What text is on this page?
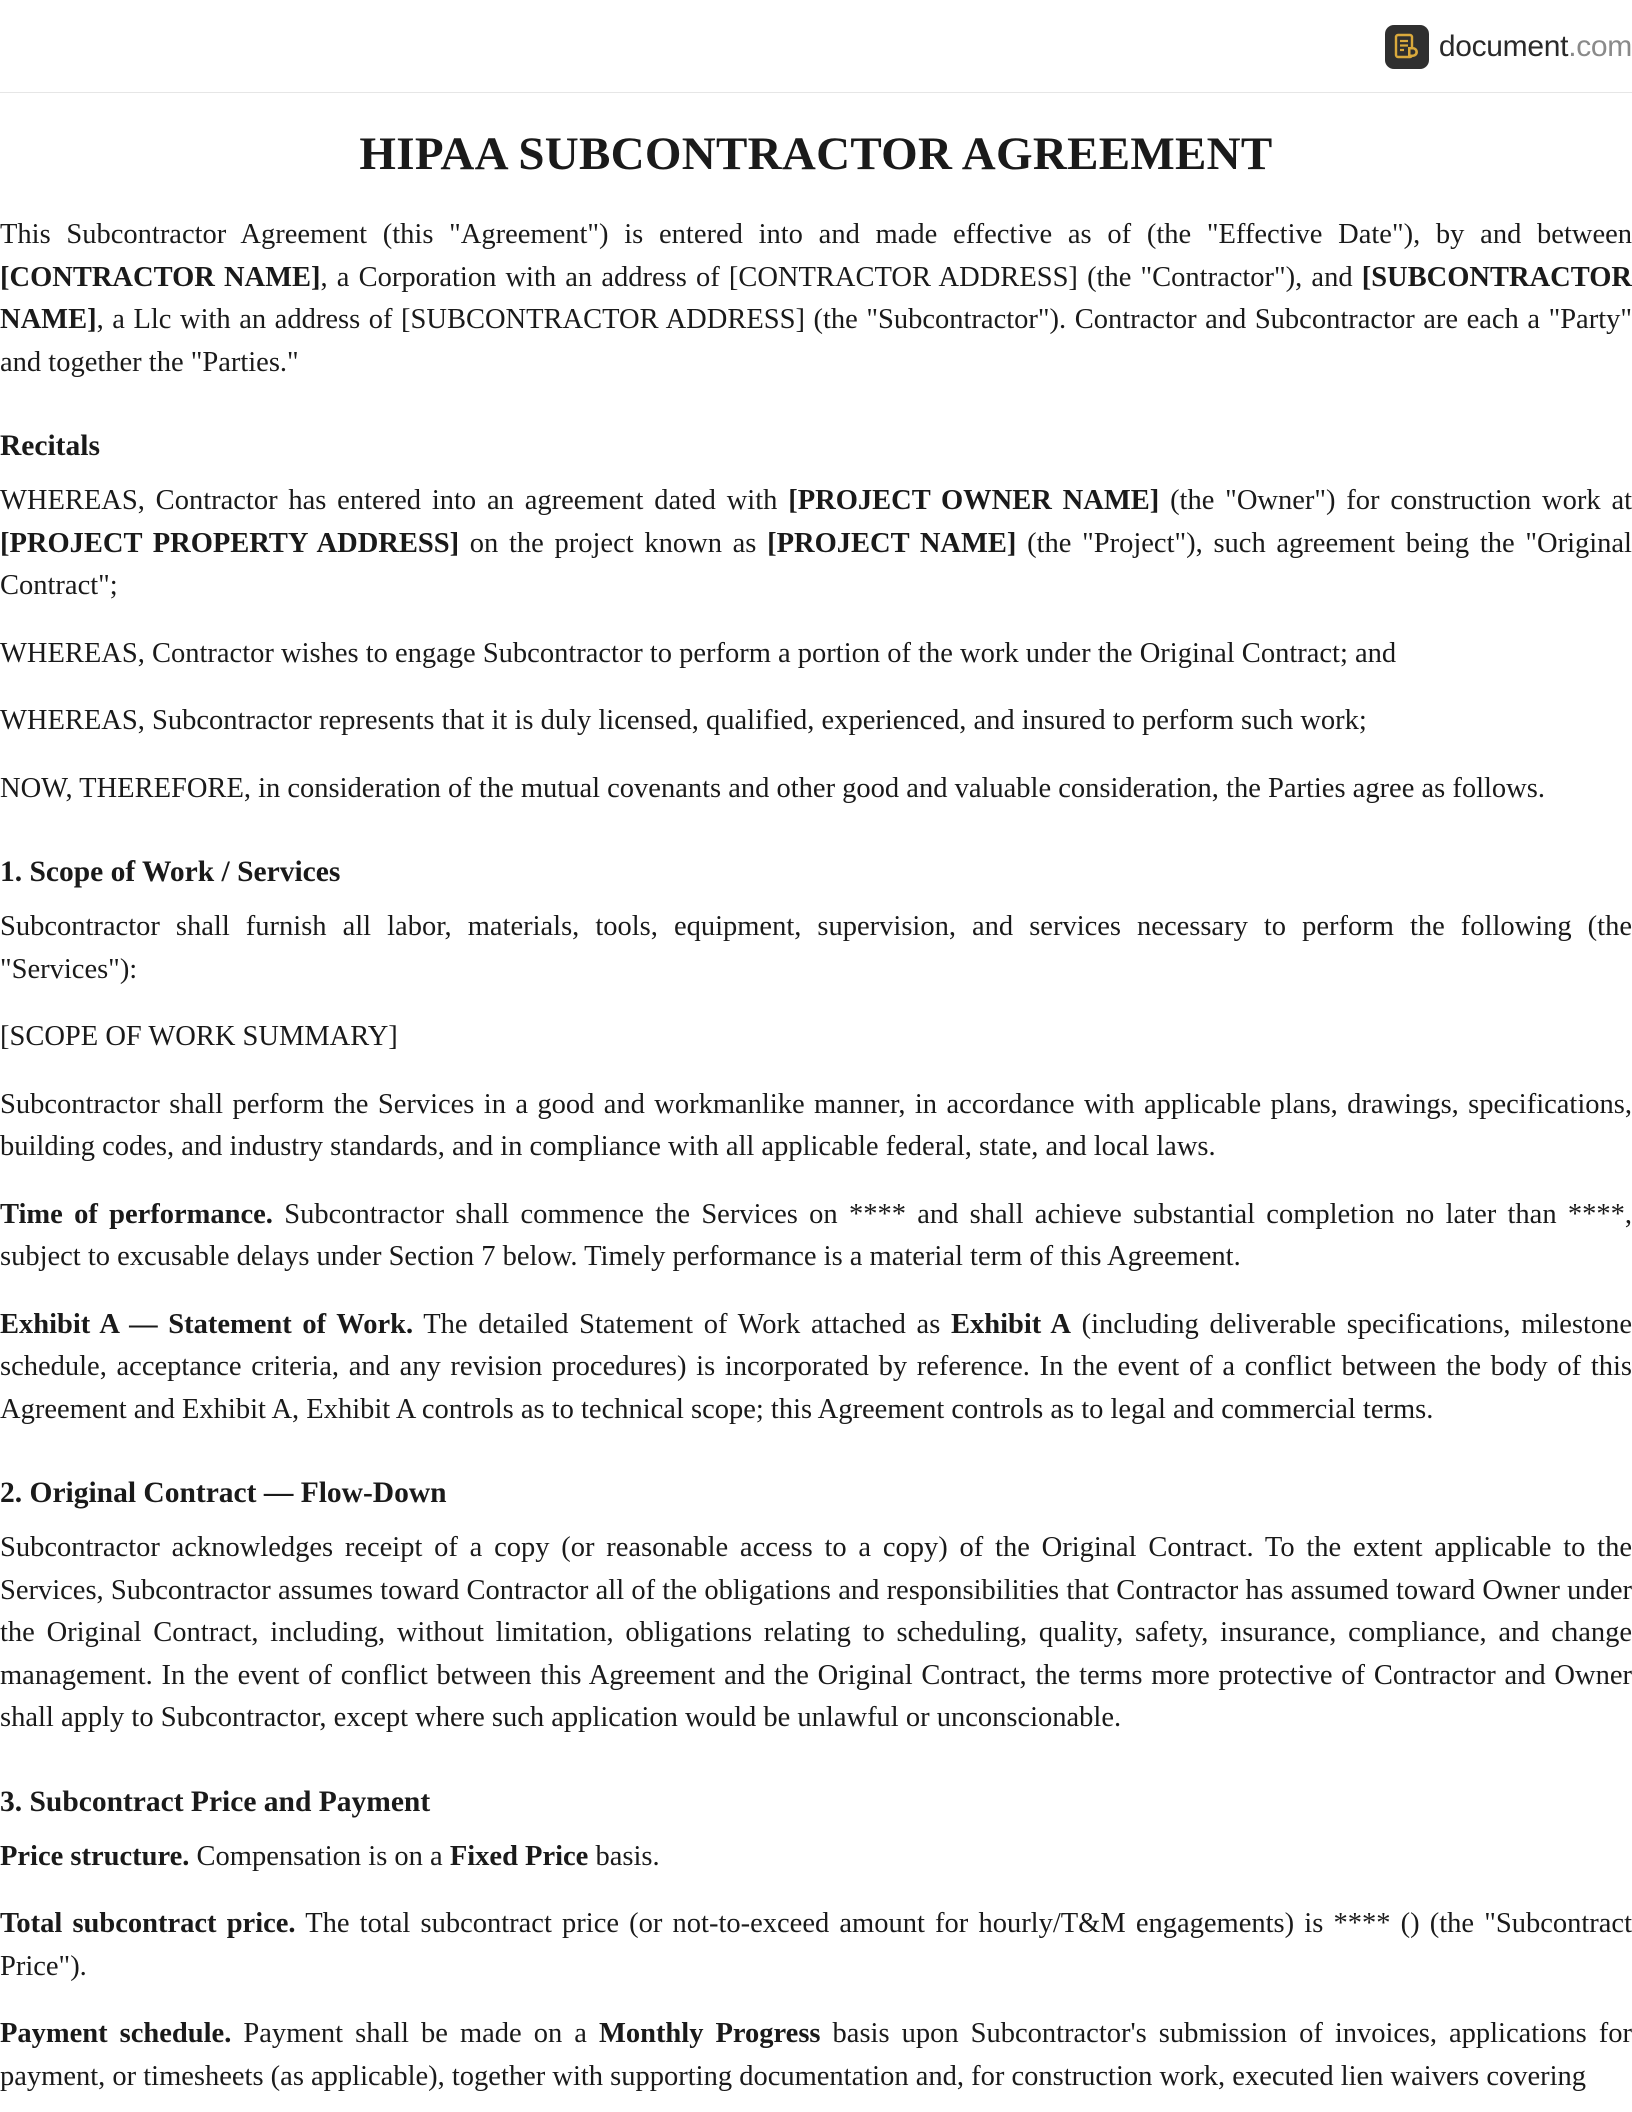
document.com
HIPAA SUBCONTRACTOR AGREEMENT

This Subcontractor Agreement (this "Agreement") is entered into and made effective as of (the "Effective Date"), by and between [CONTRACTOR NAME], a Corporation with an address of [CONTRACTOR ADDRESS] (the "Contractor"), and [SUBCONTRACTOR NAME], a Llc with an address of [SUBCONTRACTOR ADDRESS] (the "Subcontractor"). Contractor and Subcontractor are each a "Party" and together the "Parties."

Recitals

WHEREAS, Contractor has entered into an agreement dated with [PROJECT OWNER NAME] (the "Owner") for construction work at [PROJECT PROPERTY ADDRESS] on the project known as [PROJECT NAME] (the "Project"), such agreement being the "Original Contract";

WHEREAS, Contractor wishes to engage Subcontractor to perform a portion of the work under the Original Contract; and

WHEREAS, Subcontractor represents that it is duly licensed, qualified, experienced, and insured to perform such work;

NOW, THEREFORE, in consideration of the mutual covenants and other good and valuable consideration, the Parties agree as follows.

1. Scope of Work / Services

Subcontractor shall furnish all labor, materials, tools, equipment, supervision, and services necessary to perform the following (the "Services"):

[SCOPE OF WORK SUMMARY]

Subcontractor shall perform the Services in a good and workmanlike manner, in accordance with applicable plans, drawings, specifications, building codes, and industry standards, and in compliance with all applicable federal, state, and local laws.

Time of performance. Subcontractor shall commence the Services on **** and shall achieve substantial completion no later than ****, subject to excusable delays under Section 7 below. Timely performance is a material term of this Agreement.

Exhibit A — Statement of Work. The detailed Statement of Work attached as Exhibit A (including deliverable specifications, milestone schedule, acceptance criteria, and any revision procedures) is incorporated by reference. In the event of a conflict between the body of this Agreement and Exhibit A, Exhibit A controls as to technical scope; this Agreement controls as to legal and commercial terms.

2. Original Contract — Flow-Down

Subcontractor acknowledges receipt of a copy (or reasonable access to a copy) of the Original Contract. To the extent applicable to the Services, Subcontractor assumes toward Contractor all of the obligations and responsibilities that Contractor has assumed toward Owner under the Original Contract, including, without limitation, obligations relating to scheduling, quality, safety, insurance, compliance, and change management. In the event of conflict between this Agreement and the Original Contract, the terms more protective of Contractor and Owner shall apply to Subcontractor, except where such application would be unlawful or unconscionable.

3. Subcontract Price and Payment

Price structure. Compensation is on a Fixed Price basis.

Total subcontract price. The total subcontract price (or not-to-exceed amount for hourly/T&M engagements) is **** () (the "Subcontract Price").

Payment schedule. Payment shall be made on a Monthly Progress basis upon Subcontractor's submission of invoices, applications for payment, or timesheets (as applicable), together with supporting documentation and, for construction work, executed lien waivers covering
